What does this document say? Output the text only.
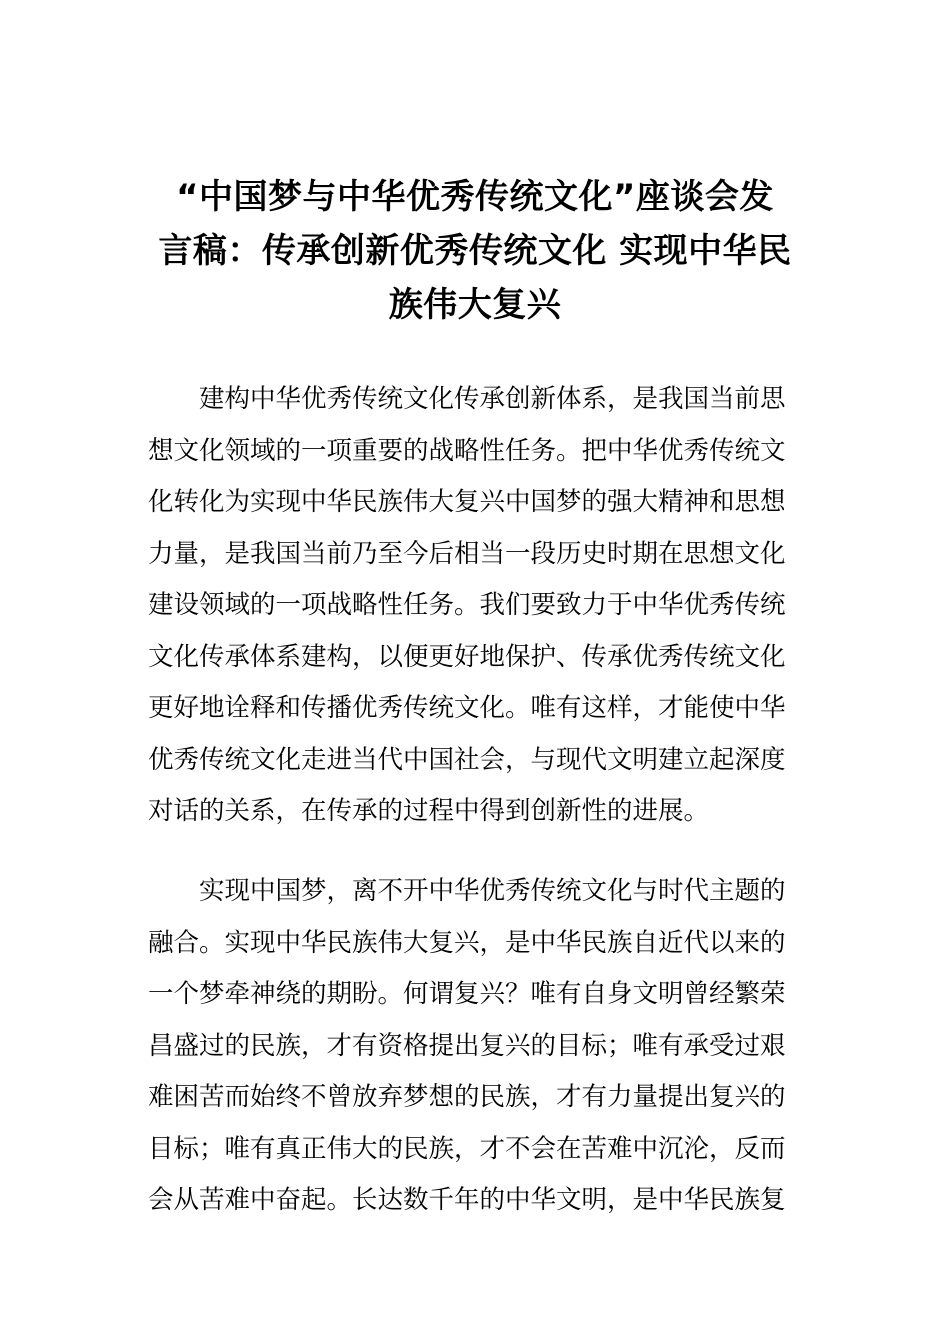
“中国梦与中华优秀传统文化”座谈会发
言稿：传承创新优秀传统文化 实现中华民
族伟大复兴

建构中华优秀传统文化传承创新体系，是我国当前思
想文化领域的一项重要的战略性任务。把中华优秀传统文
化转化为实现中华民族伟大复兴中国梦的强大精神和思想
力量，是我国当前乃至今后相当一段历史时期在思想文化
建设领域的一项战略性任务。我们要致力于中华优秀传统
文化传承体系建构，以便更好地保护、传承优秀传统文化
更好地诠释和传播优秀传统文化。唯有这样，才能使中华
优秀传统文化走进当代中国社会，与现代文明建立起深度
对话的关系，在传承的过程中得到创新性的进展。

实现中国梦，离不开中华优秀传统文化与时代主题的
融合。实现中华民族伟大复兴，是中华民族自近代以来的
一个梦牵神绕的期盼。何谓复兴？唯有自身文明曾经繁荣
昌盛过的民族，才有资格提出复兴的目标；唯有承受过艰
难困苦而始终不曾放弃梦想的民族，才有力量提出复兴的
目标；唯有真正伟大的民族，才不会在苦难中沉沦，反而
会从苦难中奋起。长达数千年的中华文明，是中华民族复
